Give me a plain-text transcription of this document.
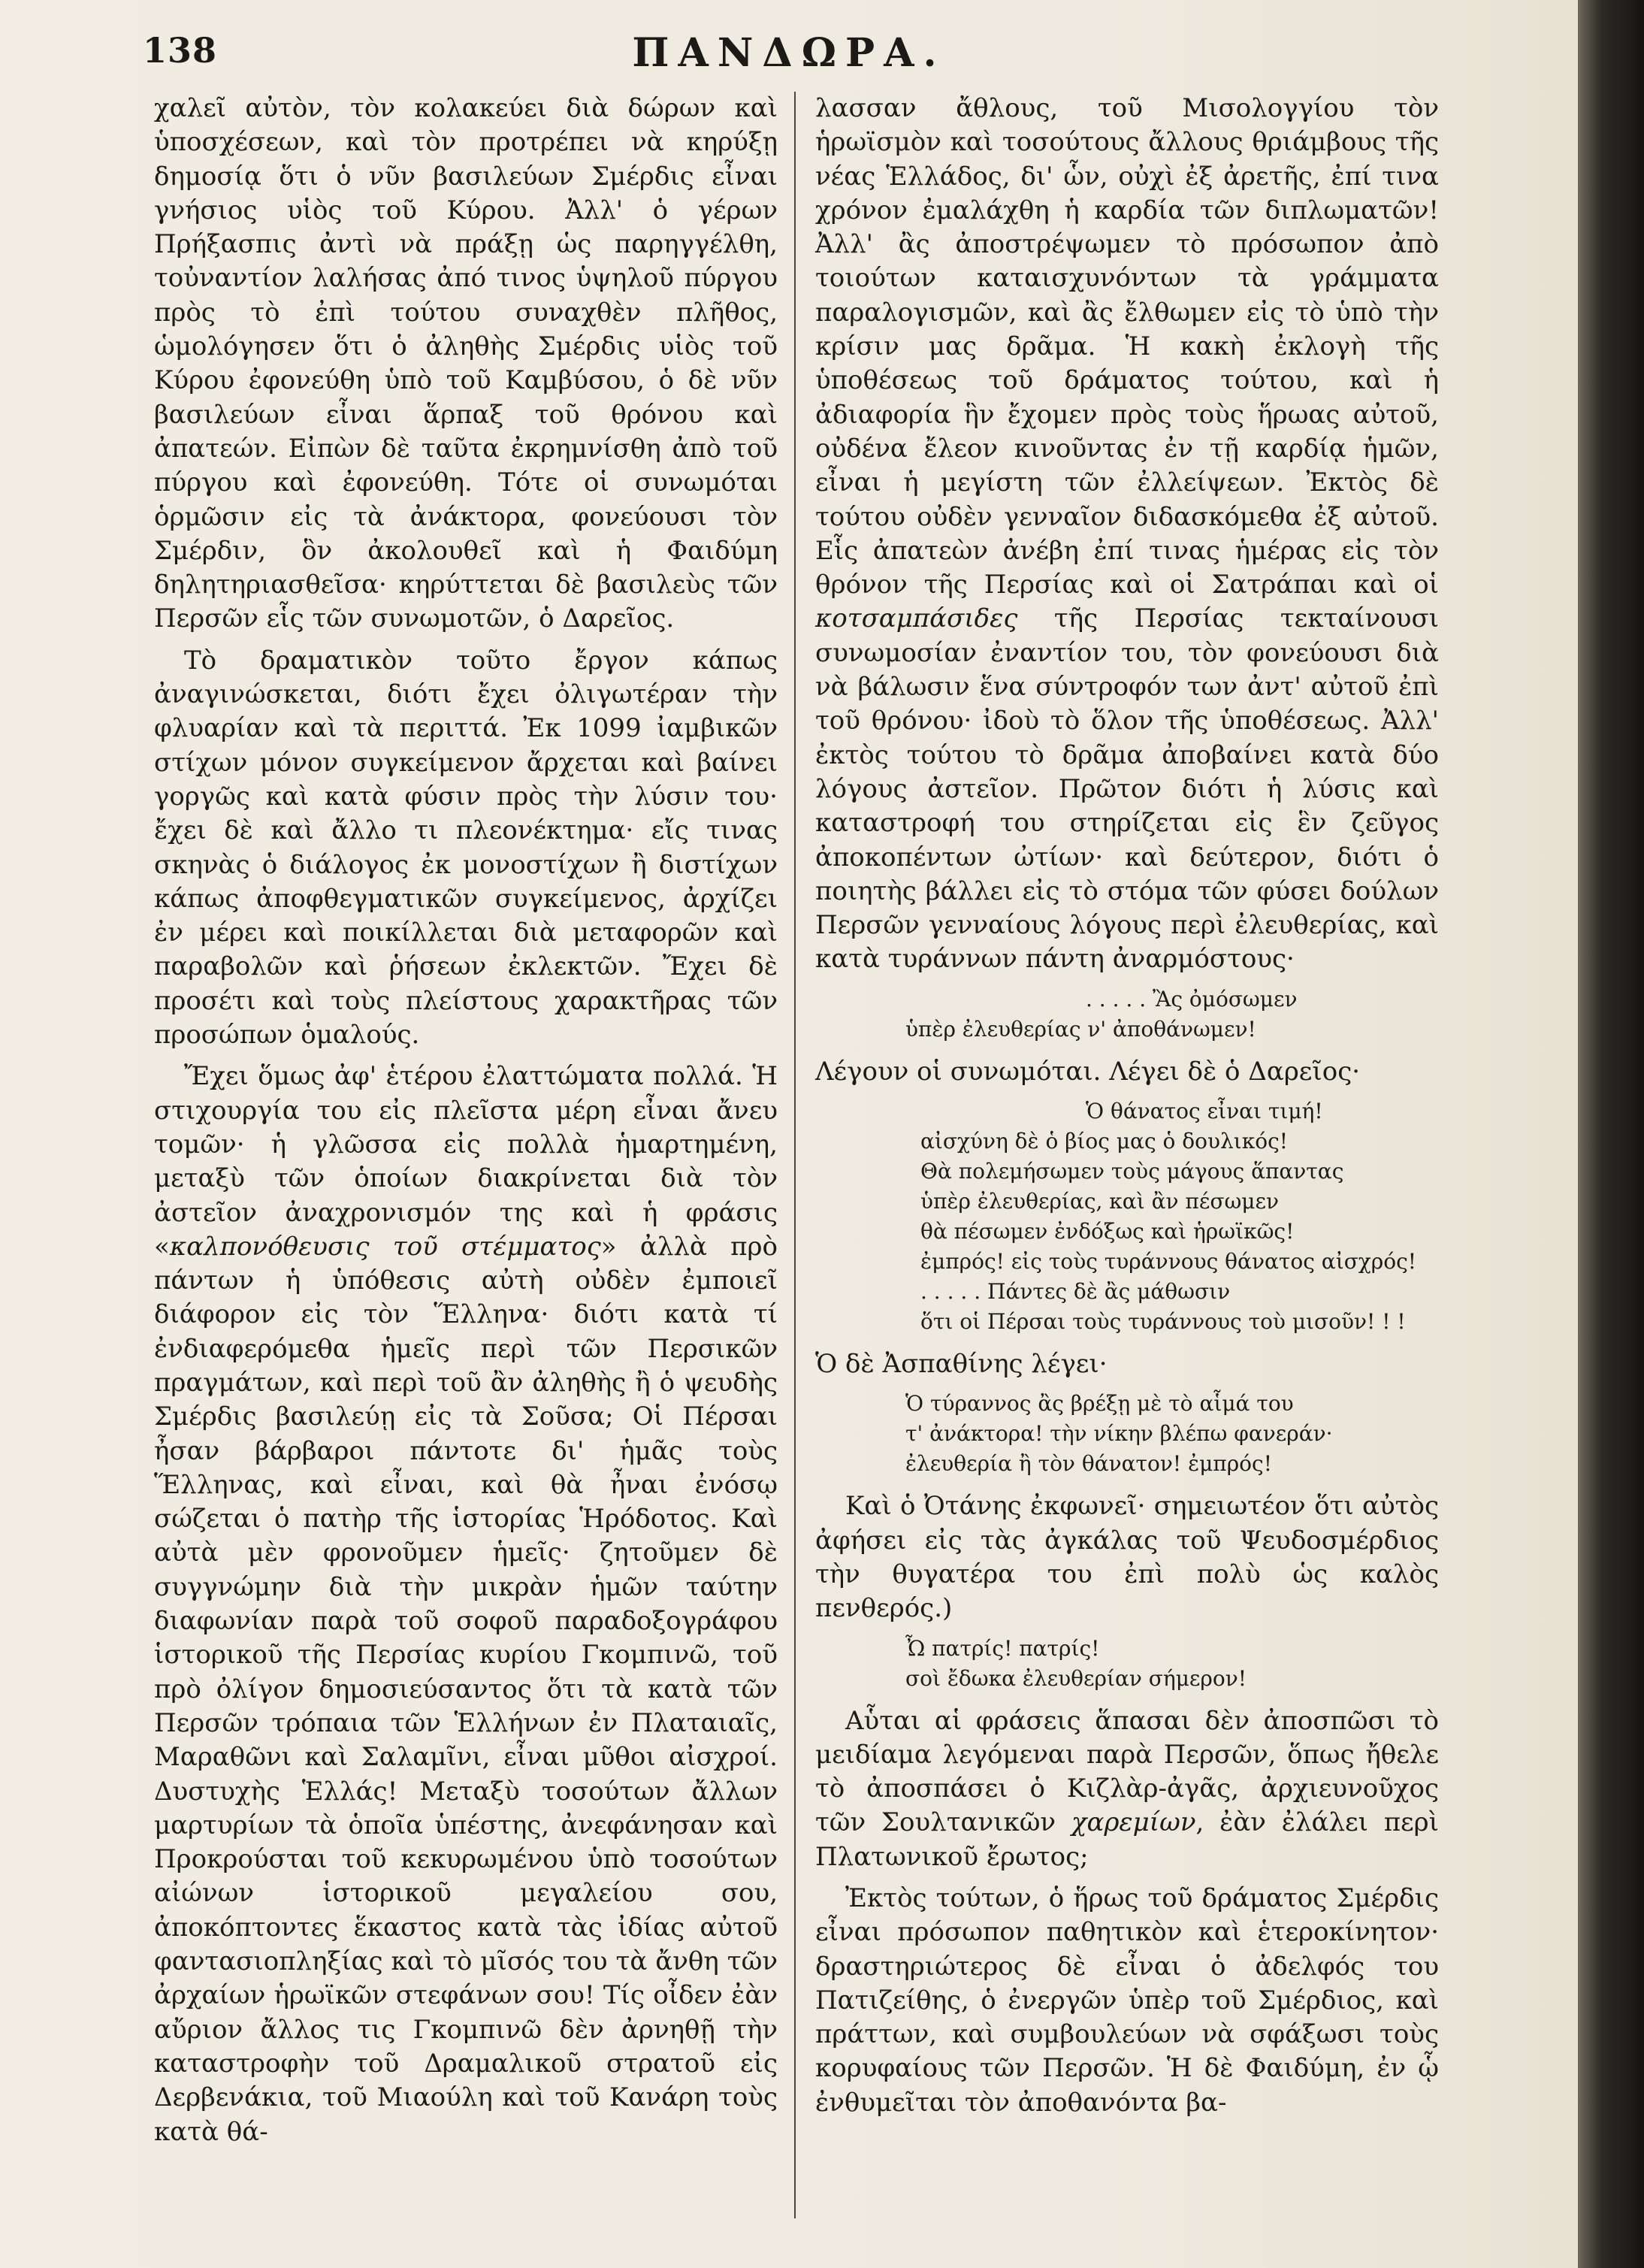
138	ΠΑΝΔΩΡΑ.

χαλεῖ αὐτὸν, τὸν κολακεύει διὰ δώρων καὶ ὑποσχέσεων, καὶ τὸν προτρέπει νὰ κηρύξῃ δημοσίᾳ ὅτι ὁ νῦν βασιλεύων Σμέρδις εἶναι γνήσιος υἱὸς τοῦ Κύρου. Ἀλλ' ὁ γέρων Πρήξασπις ἀντὶ νὰ πράξῃ ὡς παρηγγέλθη, τοὐναντίον λαλήσας ἀπό τινος ὑψηλοῦ πύργου πρὸς τὸ ἐπὶ τούτου συναχθὲν πλῆθος, ὡμολόγησεν ὅτι ὁ ἀληθὴς Σμέρδις υἱὸς τοῦ Κύρου ἐφονεύθη ὑπὸ τοῦ Καμβύσου, ὁ δὲ νῦν βασιλεύων εἶναι ἅρπαξ τοῦ θρόνου καὶ ἀπατεών. Εἰπὼν δὲ ταῦτα ἐκρημνίσθη ἀπὸ τοῦ πύργου καὶ ἐφονεύθη. Τότε οἱ συνωμόται ὁρμῶσιν εἰς τὰ ἀνάκτορα, φονεύουσι τὸν Σμέρδιν, ὃν ἀκολουθεῖ καὶ ἡ Φαιδύμη δηλητηριασθεῖσα· κηρύττεται δὲ βασιλεὺς τῶν Περσῶν εἷς τῶν συνωμοτῶν, ὁ Δαρεῖος.

Τὸ δραματικὸν τοῦτο ἔργον κάπως ἀναγινώσκεται, διότι ἔχει ὀλιγωτέραν τὴν φλυαρίαν καὶ τὰ περιττά. Ἐκ 1099 ἰαμβικῶν στίχων μόνον συγκείμενον ἄρχεται καὶ βαίνει γοργῶς καὶ κατὰ φύσιν πρὸς τὴν λύσιν του· ἔχει δὲ καὶ ἄλλο τι πλεονέκτημα· εἴς τινας σκηνὰς ὁ διάλογος ἐκ μονοστίχων ἢ διστίχων κάπως ἀποφθεγματικῶν συγκείμενος, ἀρχίζει ἐν μέρει καὶ ποικίλλεται διὰ μεταφορῶν καὶ παραβολῶν καὶ ῥήσεων ἐκλεκτῶν. Ἔχει δὲ προσέτι καὶ τοὺς πλείστους χαρακτῆρας τῶν προσώπων ὁμαλούς.

Ἔχει ὅμως ἀφ' ἑτέρου ἐλαττώματα πολλά. Ἡ στιχουργία του εἰς πλεῖστα μέρη εἶναι ἄνευ τομῶν· ἡ γλῶσσα εἰς πολλὰ ἡμαρτημένη, μεταξὺ τῶν ὁποίων διακρίνεται διὰ τὸν ἀστεῖον ἀναχρονισμόν της καὶ ἡ φράσις «καλπονόθευσις τοῦ στέμματος» ἀλλὰ πρὸ πάντων ἡ ὑπόθεσις αὐτὴ οὐδὲν ἐμποιεῖ διάφορον εἰς τὸν Ἕλληνα· διότι κατὰ τί ἐνδιαφερόμεθα ἡμεῖς περὶ τῶν Περσικῶν πραγμάτων, καὶ περὶ τοῦ ἂν ἀληθὴς ἢ ὁ ψευδὴς Σμέρδις βασιλεύῃ εἰς τὰ Σοῦσα; Οἱ Πέρσαι ἦσαν βάρβαροι πάντοτε δι' ἡμᾶς τοὺς Ἕλληνας, καὶ εἶναι, καὶ θὰ ἦναι ἐνόσῳ σώζεται ὁ πατὴρ τῆς ἱστορίας Ἡρόδοτος. Καὶ αὐτὰ μὲν φρονοῦμεν ἡμεῖς· ζητοῦμεν δὲ συγγνώμην διὰ τὴν μικρὰν ἡμῶν ταύτην διαφωνίαν παρὰ τοῦ σοφοῦ παραδοξογράφου ἱστορικοῦ τῆς Περσίας κυρίου Γκομπινῶ, τοῦ πρὸ ὀλίγον δημοσιεύσαντος ὅτι τὰ κατὰ τῶν Περσῶν τρόπαια τῶν Ἑλλήνων ἐν Πλαταιαῖς, Μαραθῶνι καὶ Σαλαμῖνι, εἶναι μῦθοι αἰσχροί. Δυστυχὴς Ἑλλάς! Μεταξὺ τοσούτων ἄλλων μαρτυρίων τὰ ὁποῖα ὑπέστης, ἀνεφάνησαν καὶ Προκρούσται τοῦ κεκυρωμένου ὑπὸ τοσούτων αἰώνων ἱστορικοῦ μεγαλείου σου, ἀποκόπτοντες ἕκαστος κατὰ τὰς ἰδίας αὐτοῦ φαντασιοπληξίας καὶ τὸ μῖσός του τὰ ἄνθη τῶν ἀρχαίων ἡρωϊκῶν στεφάνων σου! Τίς οἶδεν ἐὰν αὔριον ἄλλος τις Γκομπινῶ δὲν ἀρνηθῇ τὴν καταστροφὴν τοῦ Δραμαλικοῦ στρατοῦ εἰς Δερβενάκια, τοῦ Μιαούλη καὶ τοῦ Κανάρη τοὺς κατὰ θά-

λασσαν ἄθλους, τοῦ Μισολογγίου τὸν ἡρωϊσμὸν καὶ τοσούτους ἄλλους θριάμβους τῆς νέας Ἑλλάδος, δι' ὧν, οὐχὶ ἐξ ἀρετῆς, ἐπί τινα χρόνον ἐμαλάχθη ἡ καρδία τῶν διπλωματῶν! Ἀλλ' ἂς ἀποστρέψωμεν τὸ πρόσωπον ἀπὸ τοιούτων καταισχυνόντων τὰ γράμματα παραλογισμῶν, καὶ ἂς ἔλθωμεν εἰς τὸ ὑπὸ τὴν κρίσιν μας δρᾶμα. Ἡ κακὴ ἐκλογὴ τῆς ὑποθέσεως τοῦ δράματος τούτου, καὶ ἡ ἀδιαφορία ἣν ἔχομεν πρὸς τοὺς ἥρωας αὐτοῦ, οὐδένα ἔλεον κινοῦντας ἐν τῇ καρδίᾳ ἡμῶν, εἶναι ἡ μεγίστη τῶν ἐλλείψεων. Ἐκτὸς δὲ τούτου οὐδὲν γενναῖον διδασκόμεθα ἐξ αὐτοῦ. Εἷς ἀπατεὼν ἀνέβη ἐπί τινας ἡμέρας εἰς τὸν θρόνον τῆς Περσίας καὶ οἱ Σατράπαι καὶ οἱ κοτσαμπάσιδες τῆς Περσίας τεκταίνουσι συνωμοσίαν ἐναντίον του, τὸν φονεύουσι διὰ νὰ βάλωσιν ἕνα σύντροφόν των ἀντ' αὐτοῦ ἐπὶ τοῦ θρόνου· ἰδοὺ τὸ ὅλον τῆς ὑποθέσεως. Ἀλλ' ἐκτὸς τούτου τὸ δρᾶμα ἀποβαίνει κατὰ δύο λόγους ἀστεῖον. Πρῶτον διότι ἡ λύσις καὶ καταστροφή του στηρίζεται εἰς ἓν ζεῦγος ἀποκοπέντων ὠτίων· καὶ δεύτερον, διότι ὁ ποιητὴς βάλλει εἰς τὸ στόμα τῶν φύσει δούλων Περσῶν γενναίους λόγους περὶ ἐλευθερίας, καὶ κατὰ τυράννων πάντη ἀναρμόστους·

. . . . . Ἂς ὀμόσωμεν
ὑπὲρ ἐλευθερίας ν' ἀποθάνωμεν!

Λέγουν οἱ συνωμόται. Λέγει δὲ ὁ Δαρεῖος·

Ὁ θάνατος εἶναι τιμή!
αἰσχύνη δὲ ὁ βίος μας ὁ δουλικός!
Θὰ πολεμήσωμεν τοὺς μάγους ἅπαντας
ὑπὲρ ἐλευθερίας, καὶ ἂν πέσωμεν
θὰ πέσωμεν ἐνδόξως καὶ ἡρωϊκῶς!
ἐμπρός! εἰς τοὺς τυράννους θάνατος αἰσχρός!
. . . . . Πάντες δὲ ἂς μάθωσιν
ὅτι οἱ Πέρσαι τοὺς τυράννους τοὺ μισοῦν! ! !

Ὁ δὲ Ἀσπαθίνης λέγει·

Ὁ τύραννος ἂς βρέξῃ μὲ τὸ αἷμά του
τ' ἀνάκτορα! τὴν νίκην βλέπω φανεράν·
ἐλευθερία ἢ τὸν θάνατον! ἐμπρός!

Καὶ ὁ Ὀτάνης ἐκφωνεῖ· σημειωτέον ὅτι αὐτὸς ἀφήσει εἰς τὰς ἀγκάλας τοῦ Ψευδοσμέρδιος τὴν θυγατέρα του ἐπὶ πολὺ ὡς καλὸς πενθερός.)

Ὦ πατρίς! πατρίς!
σοὶ ἔδωκα ἐλευθερίαν σήμερον!

Αὗται αἱ φράσεις ἅπασαι δὲν ἀποσπῶσι τὸ μειδίαμα λεγόμεναι παρὰ Περσῶν, ὅπως ἤθελε τὸ ἀποσπάσει ὁ Κιζλὰρ-ἀγᾶς, ἀρχιευνοῦχος τῶν Σουλτανικῶν χαρεμίων, ἐὰν ἐλάλει περὶ Πλατωνικοῦ ἔρωτος;

Ἐκτὸς τούτων, ὁ ἥρως τοῦ δράματος Σμέρδις εἶναι πρόσωπον παθητικὸν καὶ ἑτεροκίνητον· δραστηριώτερος δὲ εἶναι ὁ ἀδελφός του Πατιζείθης, ὁ ἐνεργῶν ὑπὲρ τοῦ Σμέρδιος, καὶ πράττων, καὶ συμβουλεύων νὰ σφάξωσι τοὺς κορυφαίους τῶν Περσῶν. Ἡ δὲ Φαιδύμη, ἐν ᾧ ἐνθυμεῖται τὸν ἀποθανόντα βα-
